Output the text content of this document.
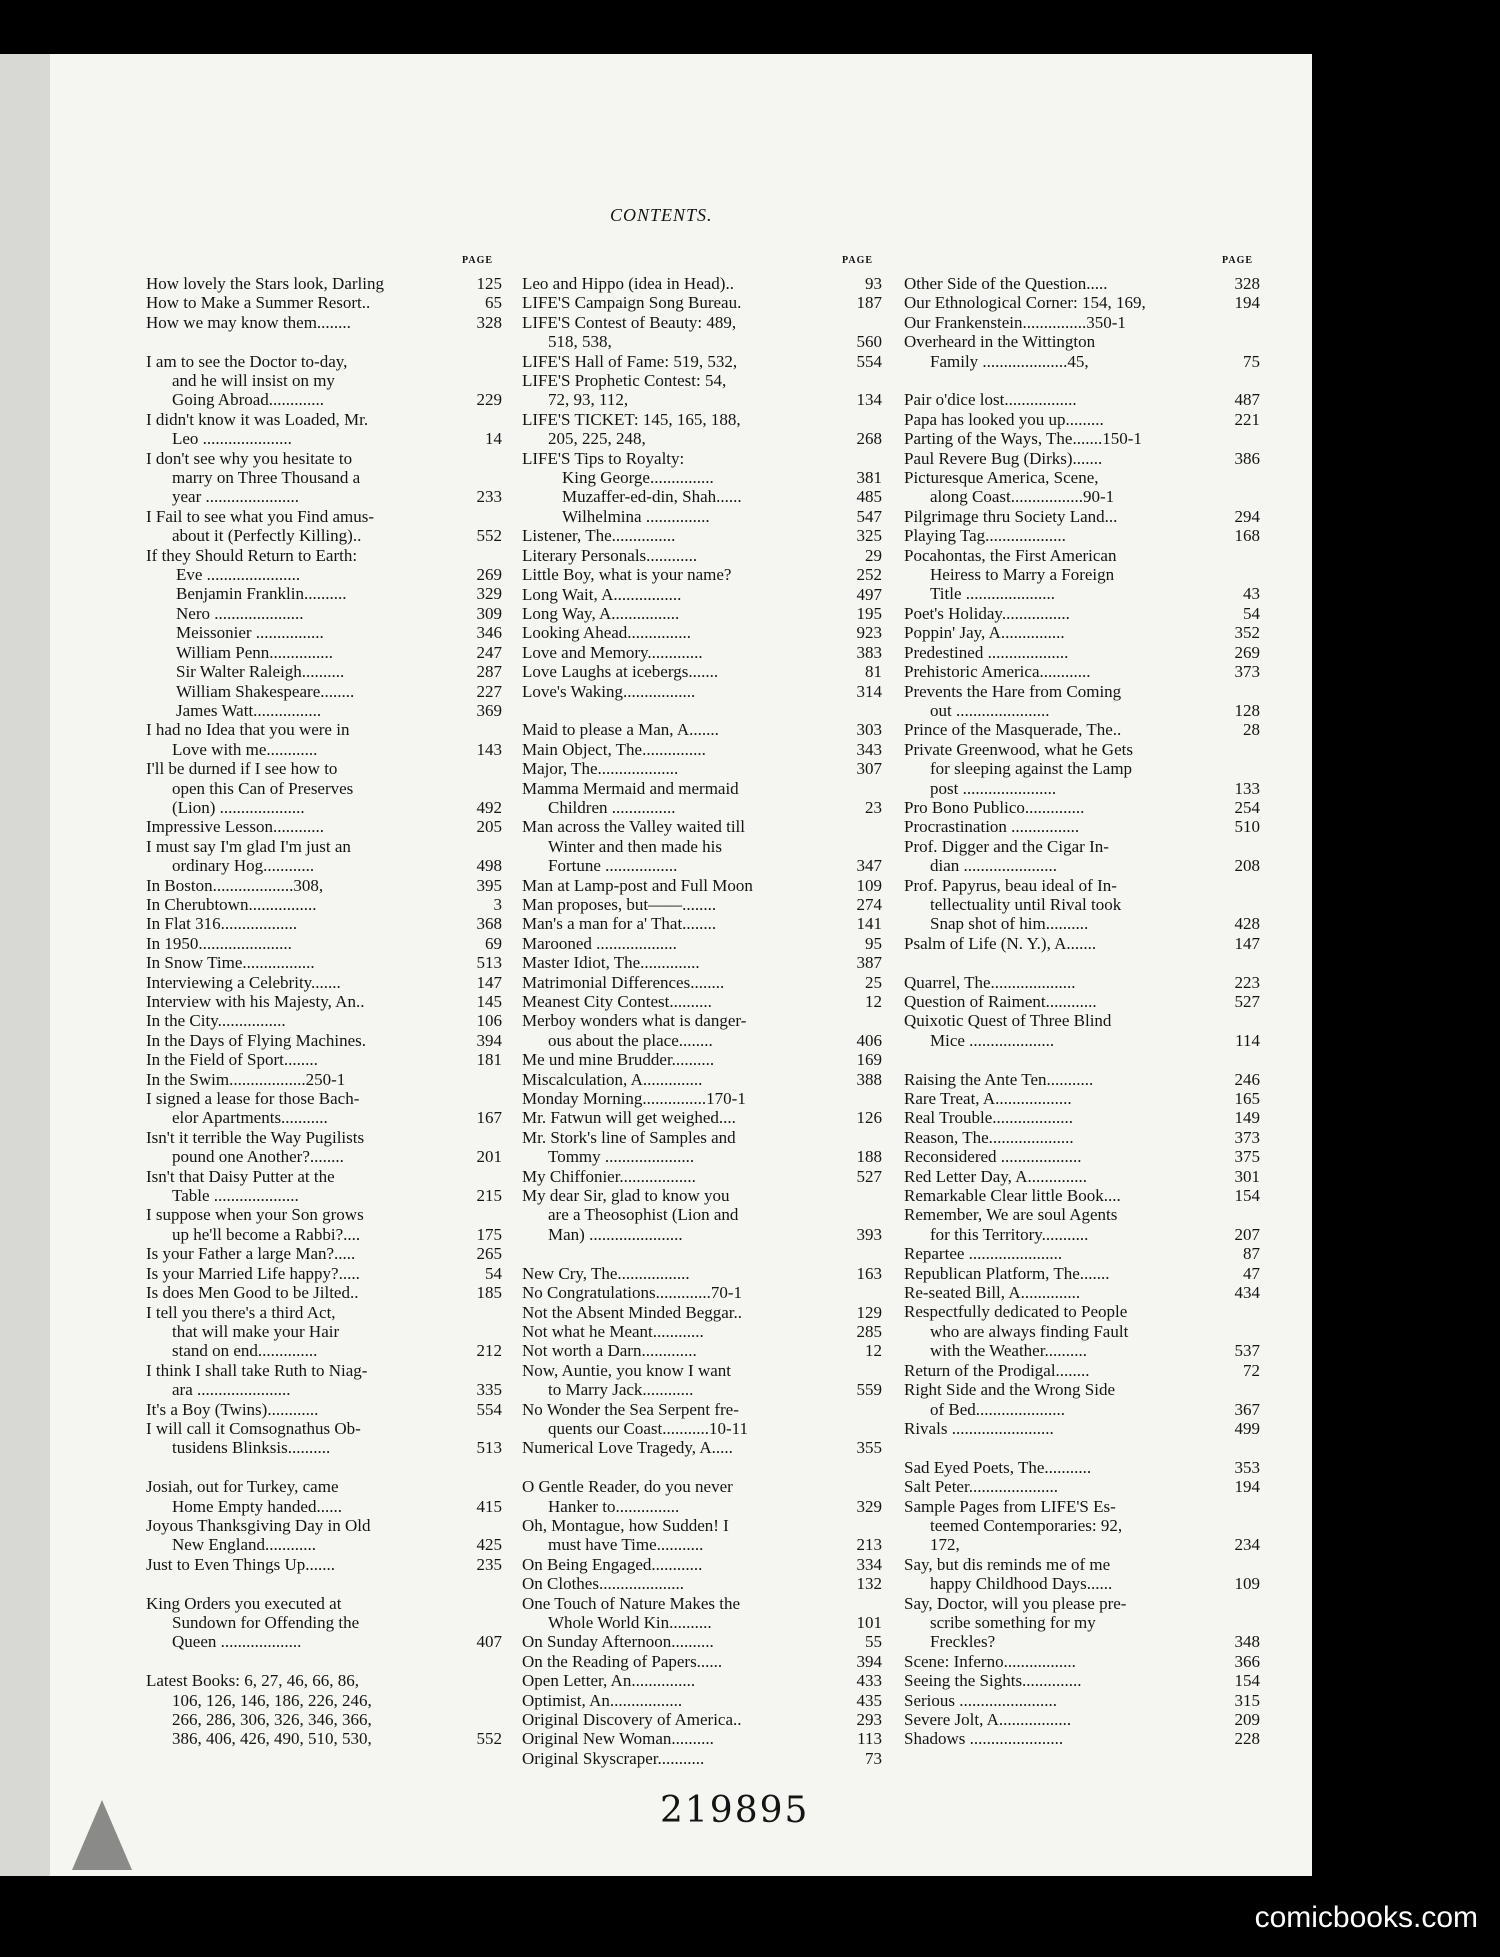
CONTENTS.
PAGE	PAGE	PAGE
How lovely the Stars look, Darling	125
How to Make a Summer Resort..	65
How we may know them........	328
I am to see the Doctor to-day,
and he will insist on my
Going Abroad.............	229
I didn't know it was Loaded, Mr.
Leo .....................	14
I don't see why you hesitate to
marry on Three Thousand a
year ......................	233
I Fail to see what you Find amus-
about it (Perfectly Killing)..	552
If they Should Return to Earth:
Eve ......................	269
Benjamin Franklin..........	329
Nero .....................	309
Meissonier ................	346
William Penn...............	247
Sir Walter Raleigh..........	287
William Shakespeare........	227
James Watt................	369
I had no Idea that you were in
Love with me............	143
I'll be durned if I see how to
open this Can of Preserves
(Lion) ....................	492
Impressive Lesson............	205
I must say I'm glad I'm just an
ordinary Hog............	498
In Boston...................308,	395
In Cherubtown................	3
In Flat 316..................	368
In 1950......................	69
In Snow Time.................	513
Interviewing a Celebrity.......	147
Interview with his Majesty, An..	145
In the City................	106
In the Days of Flying Machines.	394
In the Field of Sport........	181
In the Swim..................250-1
I signed a lease for those Bach-
elor Apartments...........	167
Isn't it terrible the Way Pugilists
pound one Another?........	201
Isn't that Daisy Putter at the
Table ....................	215
I suppose when your Son grows
up he'll become a Rabbi?....	175
Is your Father a large Man?.....	265
Is your Married Life happy?.....	54
Is does Men Good to be Jilted..	185
I tell you there's a third Act,
that will make your Hair
stand on end..............	212
I think I shall take Ruth to Niag-
ara ......................	335
It's a Boy (Twins)............	554
I will call it Comsognathus Ob-
tusidens Blinksis..........	513
Josiah, out for Turkey, came
Home Empty handed......	415
Joyous Thanksgiving Day in Old
New England............	425
Just to Even Things Up.......	235
King Orders you executed at
Sundown for Offending the
Queen ...................	407
Latest Books: 6, 27, 46, 66, 86,
106, 126, 146, 186, 226, 246,
266, 286, 306, 326, 346, 366,
386, 406, 426, 490, 510, 530,	552
Leo and Hippo (idea in Head)..	93
LIFE'S Campaign Song Bureau.	187
LIFE'S Contest of Beauty: 489,
518, 538,	560
LIFE'S Hall of Fame: 519, 532,	554
LIFE'S Prophetic Contest: 54,
72, 93, 112,	134
LIFE'S TICKET: 145, 165, 188,
205, 225, 248,	268
LIFE'S Tips to Royalty:
King George...............	381
Muzaffer-ed-din, Shah......	485
Wilhelmina ...............	547
Listener, The...............	325
Literary Personals............	29
Little Boy, what is your name?	252
Long Wait, A................	497
Long Way, A................	195
Looking Ahead...............	923
Love and Memory.............	383
Love Laughs at icebergs.......	81
Love's Waking.................	314
Maid to please a Man, A.......	303
Main Object, The...............	343
Major, The...................	307
Mamma Mermaid and mermaid
Children ...............	23
Man across the Valley waited till
Winter and then made his
Fortune .................	347
Man at Lamp-post and Full Moon	109
Man proposes, but——........	274
Man's a man for a' That........	141
Marooned ...................	95
Master Idiot, The..............	387
Matrimonial Differences........	25
Meanest City Contest..........	12
Merboy wonders what is danger-
ous about the place........	406
Me und mine Brudder..........	169
Miscalculation, A..............	388
Monday Morning...............170-1
Mr. Fatwun will get weighed....	126
Mr. Stork's line of Samples and
Tommy .....................	188
My Chiffonier..................	527
My dear Sir, glad to know you
are a Theosophist (Lion and
Man) ......................	393
New Cry, The.................	163
No Congratulations.............70-1
Not the Absent Minded Beggar..	129
Not what he Meant............	285
Not worth a Darn.............	12
Now, Auntie, you know I want
to Marry Jack............	559
No Wonder the Sea Serpent fre-
quents our Coast...........10-11
Numerical Love Tragedy, A.....	355
O Gentle Reader, do you never
Hanker to...............	329
Oh, Montague, how Sudden! I
must have Time...........	213
On Being Engaged............	334
On Clothes....................	132
One Touch of Nature Makes the
Whole World Kin..........	101
On Sunday Afternoon..........	55
On the Reading of Papers......	394
Open Letter, An...............	433
Optimist, An.................	435
Original Discovery of America..	293
Original New Woman..........	113
Original Skyscraper...........	73
Other Side of the Question.....	328
Our Ethnological Corner: 154, 169,	194
Our Frankenstein...............350-1
Overheard in the Wittington
Family ....................45,	75
Pair o'dice lost.................	487
Papa has looked you up.........	221
Parting of the Ways, The.......150-1
Paul Revere Bug (Dirks).......	386
Picturesque America, Scene,
along Coast.................90-1
Pilgrimage thru Society Land...	294
Playing Tag...................	168
Pocahontas, the First American
Heiress to Marry a Foreign
Title .....................	43
Poet's Holiday................	54
Poppin' Jay, A...............	352
Predestined ...................	269
Prehistoric America............	373
Prevents the Hare from Coming
out ......................	128
Prince of the Masquerade, The..	28
Private Greenwood, what he Gets
for sleeping against the Lamp
post ......................	133
Pro Bono Publico..............	254
Procrastination ................	510
Prof. Digger and the Cigar In-
dian ......................	208
Prof. Papyrus, beau ideal of In-
tellectuality until Rival took
Snap shot of him..........	428
Psalm of Life (N. Y.), A.......	147
Quarrel, The....................	223
Question of Raiment............	527
Quixotic Quest of Three Blind
Mice ....................	114
Raising the Ante Ten...........	246
Rare Treat, A..................	165
Real Trouble...................	149
Reason, The....................	373
Reconsidered ...................	375
Red Letter Day, A..............	301
Remarkable Clear little Book....	154
Remember, We are soul Agents
for this Territory...........	207
Repartee ......................	87
Republican Platform, The.......	47
Re-seated Bill, A..............	434
Respectfully dedicated to People
who are always finding Fault
with the Weather..........	537
Return of the Prodigal........	72
Right Side and the Wrong Side
of Bed.....................	367
Rivals ........................	499
Sad Eyed Poets, The...........	353
Salt Peter.....................	194
Sample Pages from LIFE'S Es-
teemed Contemporaries: 92,
172,	234
Say, but dis reminds me of me
happy Childhood Days......	109
Say, Doctor, will you please pre-
scribe something for my
Freckles?	348
Scene: Inferno.................	366
Seeing the Sights..............	154
Serious .......................	315
Severe Jolt, A.................	209
Shadows ......................	228
219895
comicbooks.com
